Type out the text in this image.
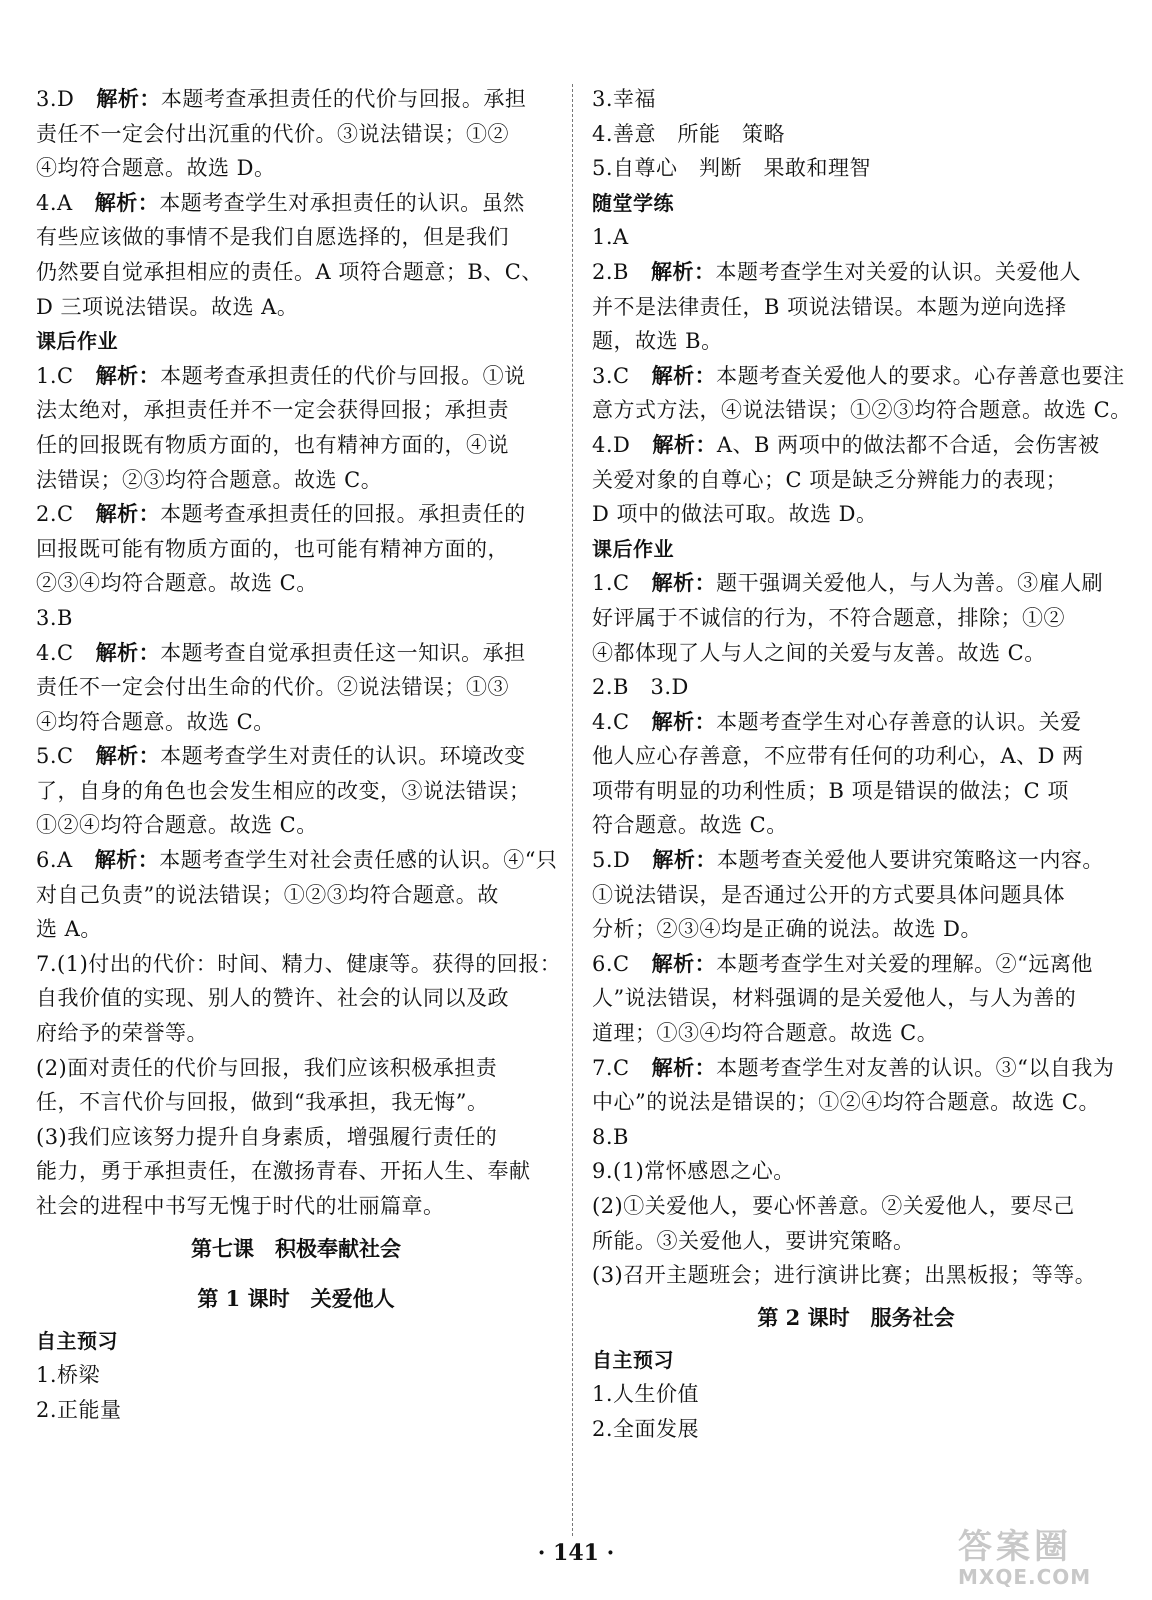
3.D 解析：本题考查承担责任的代价与回报。承担
责任不一定会付出沉重的代价。③说法错误；①②
④均符合题意。故选 D。
4.A 解析：本题考查学生对承担责任的认识。虽然
有些应该做的事情不是我们自愿选择的，但是我们
仍然要自觉承担相应的责任。A 项符合题意；B、C、
D 三项说法错误。故选 A。
课后作业
1.C 解析：本题考查承担责任的代价与回报。①说
法太绝对，承担责任并不一定会获得回报；承担责
任的回报既有物质方面的，也有精神方面的，④说
法错误；②③均符合题意。故选 C。
2.C 解析：本题考查承担责任的回报。承担责任的
回报既可能有物质方面的，也可能有精神方面的，
②③④均符合题意。故选 C。
3.B
4.C 解析：本题考查自觉承担责任这一知识。承担
责任不一定会付出生命的代价。②说法错误；①③
④均符合题意。故选 C。
5.C 解析：本题考查学生对责任的认识。环境改变
了，自身的角色也会发生相应的改变，③说法错误；
①②④均符合题意。故选 C。
6.A 解析：本题考查学生对社会责任感的认识。④“只
对自己负责”的说法错误；①②③均符合题意。故
选 A。
7.(1)付出的代价：时间、精力、健康等。获得的回报：
自我价值的实现、别人的赞许、社会的认同以及政
府给予的荣誉等。
(2)面对责任的代价与回报，我们应该积极承担责
任，不言代价与回报，做到“我承担，我无悔”。
(3)我们应该努力提升自身素质，增强履行责任的
能力，勇于承担责任，在激扬青春、开拓人生、奉献
社会的进程中书写无愧于时代的壮丽篇章。
第七课　积极奉献社会
第 1 课时　关爱他人
自主预习
1.桥梁
2.正能量
3.幸福
4.善意　所能　策略
5.自尊心　判断　果敢和理智
随堂学练
1.A
2.B 解析：本题考查学生对关爱的认识。关爱他人
并不是法律责任，B 项说法错误。本题为逆向选择
题，故选 B。
3.C 解析：本题考查关爱他人的要求。心存善意也要注
意方式方法，④说法错误；①②③均符合题意。故选 C。
4.D 解析：A、B 两项中的做法都不合适，会伤害被
关爱对象的自尊心；C 项是缺乏分辨能力的表现；
D 项中的做法可取。故选 D。
课后作业
1.C 解析：题干强调关爱他人，与人为善。③雇人刷
好评属于不诚信的行为，不符合题意，排除；①②
④都体现了人与人之间的关爱与友善。故选 C。
2.B　3.D
4.C 解析：本题考查学生对心存善意的认识。关爱
他人应心存善意，不应带有任何的功利心，A、D 两
项带有明显的功利性质；B 项是错误的做法；C 项
符合题意。故选 C。
5.D 解析：本题考查关爱他人要讲究策略这一内容。
①说法错误，是否通过公开的方式要具体问题具体
分析；②③④均是正确的说法。故选 D。
6.C 解析：本题考查学生对关爱的理解。②“远离他
人”说法错误，材料强调的是关爱他人，与人为善的
道理；①③④均符合题意。故选 C。
7.C 解析：本题考查学生对友善的认识。③“以自我为
中心”的说法是错误的；①②④均符合题意。故选 C。
8.B
9.(1)常怀感恩之心。
(2)①关爱他人，要心怀善意。②关爱他人，要尽己
所能。③关爱他人，要讲究策略。
(3)召开主题班会；进行演讲比赛；出黑板报；等等。
第 2 课时　服务社会
自主预习
1.人生价值
2.全面发展
· 141 ·	答案圈
MXQE.COM
